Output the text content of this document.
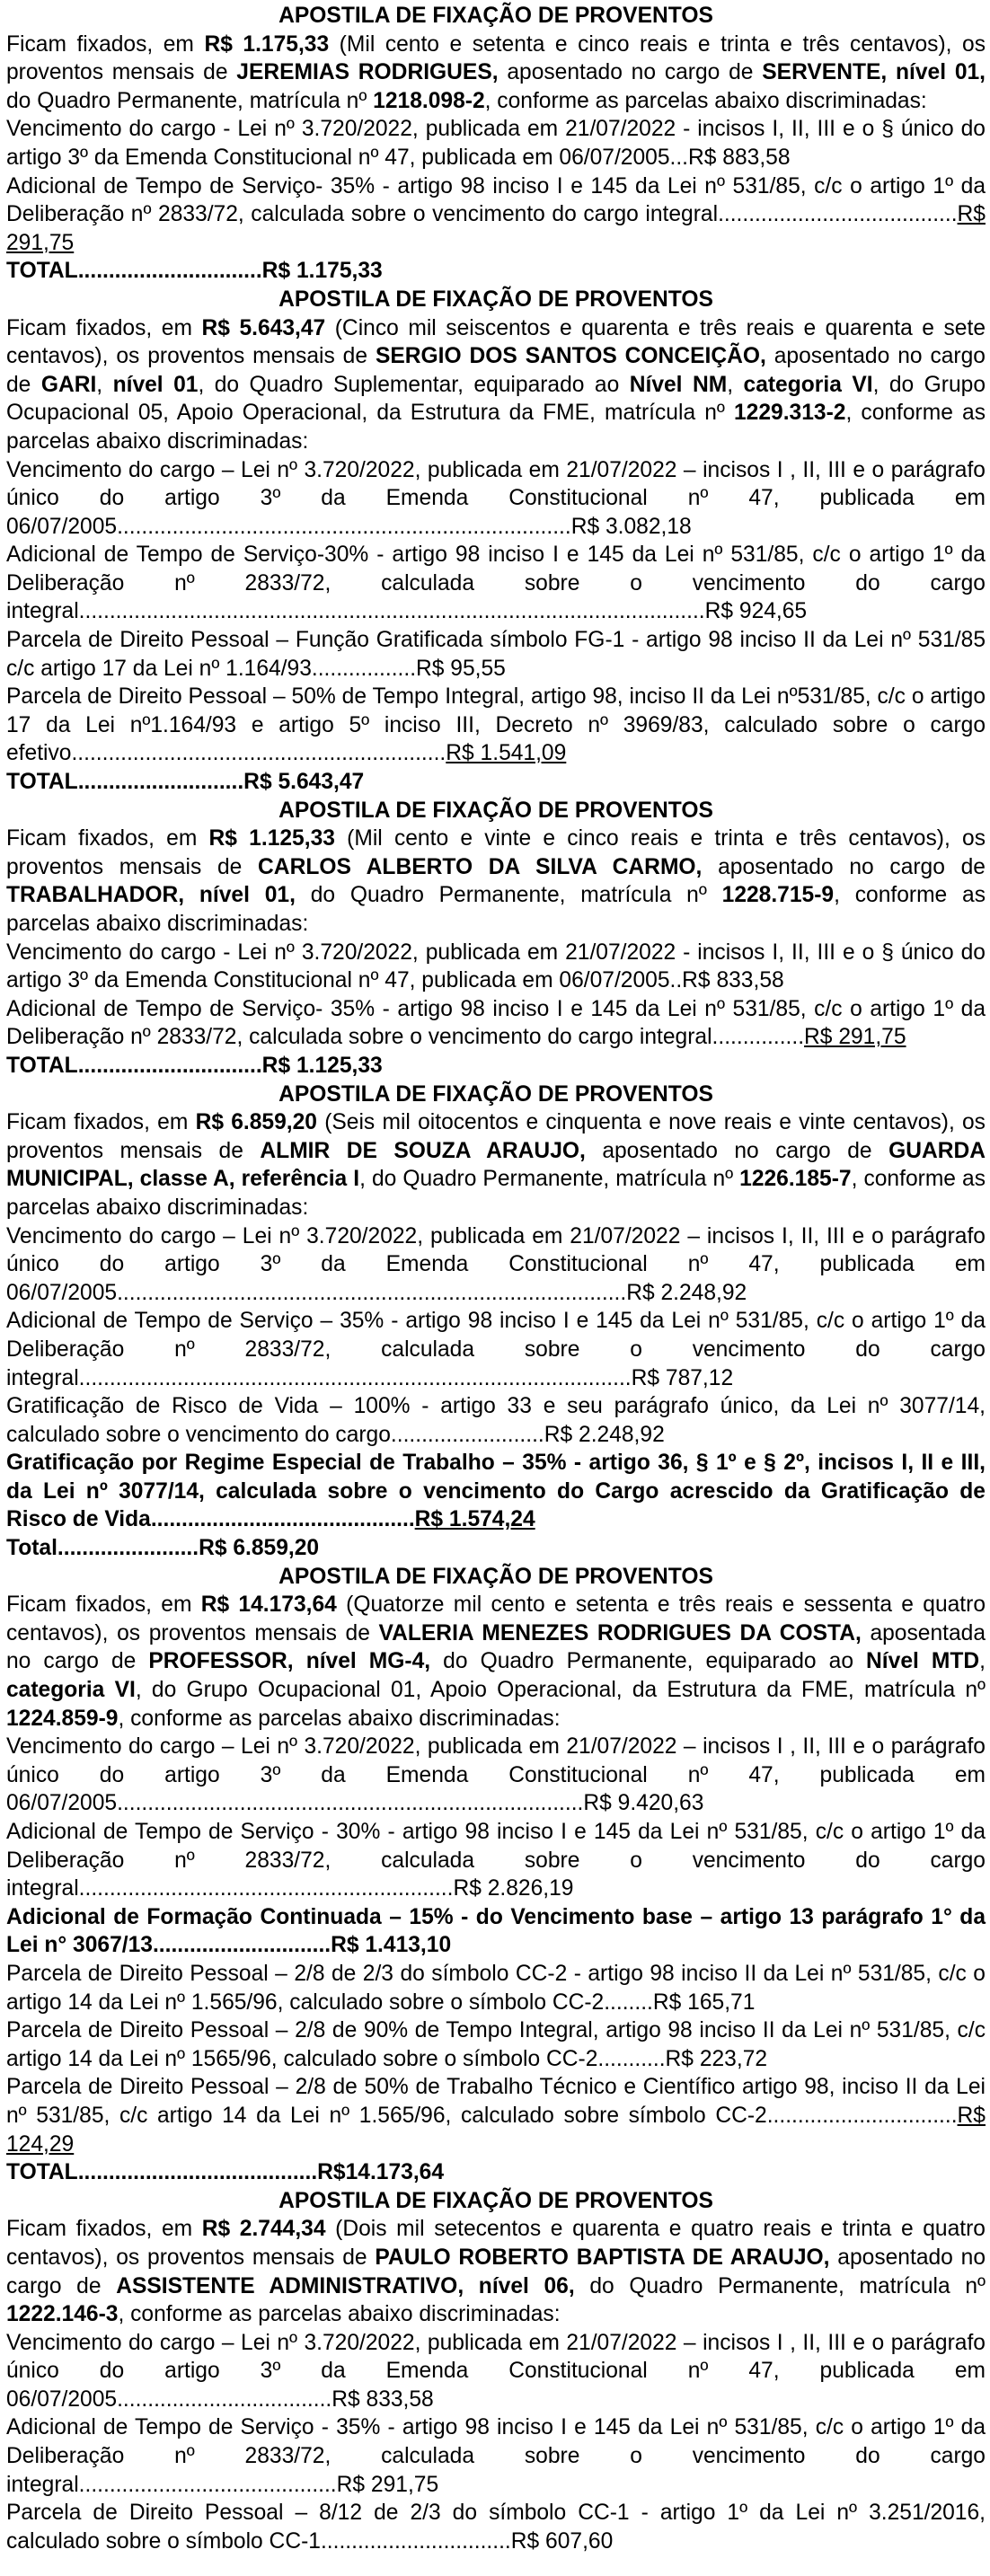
APOSTILA DE FIXAÇÃO DE PROVENTOS

Ficam fixados, em R$ 1.175,33 (Mil cento e setenta e cinco reais e trinta e três centavos), os proventos mensais de JEREMIAS RODRIGUES, aposentado no cargo de SERVENTE, nível 01, do Quadro Permanente, matrícula nº 1218.098-2, conforme as parcelas abaixo discriminadas:

Vencimento do cargo - Lei nº 3.720/2022, publicada em 21/07/2022 - incisos I, II, III e o § único do artigo 3º da Emenda Constitucional nº 47, publicada em 06/07/2005...R$ 883,58

Adicional de Tempo de Serviço- 35% - artigo 98 inciso I e 145 da Lei nº 531/85, c/c o artigo 1º da Deliberação nº 2833/72, calculada sobre o vencimento do cargo integral.......................................R$ 291,75

TOTAL..............................R$ 1.175,33

APOSTILA DE FIXAÇÃO DE PROVENTOS

Ficam fixados, em R$ 5.643,47 (Cinco mil seiscentos e quarenta e três reais e quarenta e sete centavos), os proventos mensais de SERGIO DOS SANTOS CONCEIÇÃO, aposentado no cargo de GARI, nível 01, do Quadro Suplementar, equiparado ao Nível NM, categoria VI, do Grupo Ocupacional 05, Apoio Operacional, da Estrutura da FME, matrícula nº 1229.313-2, conforme as parcelas abaixo discriminadas:

Vencimento do cargo – Lei nº 3.720/2022, publicada em 21/07/2022 – incisos I , II, III e o parágrafo único do artigo 3º da Emenda Constitucional nº 47, publicada em 06/07/2005..........................................................................R$ 3.082,18

Adicional de Tempo de Serviço-30% - artigo 98 inciso I e 145 da Lei nº 531/85, c/c o artigo 1º da Deliberação nº 2833/72, calculada sobre o vencimento do cargo integral......................................................................................................R$ 924,65

Parcela de Direito Pessoal – Função Gratificada símbolo FG-1 - artigo 98 inciso II da Lei nº 531/85 c/c artigo 17 da Lei nº 1.164/93.................R$ 95,55

Parcela de Direito Pessoal – 50% de Tempo Integral, artigo 98, inciso II da Lei nº531/85, c/c o artigo 17 da Lei nº1.164/93 e artigo 5º inciso III, Decreto nº 3969/83, calculado sobre o cargo efetivo.............................................................R$ 1.541,09

TOTAL...........................R$ 5.643,47

APOSTILA DE FIXAÇÃO DE PROVENTOS

Ficam fixados, em R$ 1.125,33 (Mil cento e vinte e cinco reais e trinta e três centavos), os proventos mensais de CARLOS ALBERTO DA SILVA CARMO, aposentado no cargo de TRABALHADOR, nível 01, do Quadro Permanente, matrícula nº 1228.715-9, conforme as parcelas abaixo discriminadas:

Vencimento do cargo - Lei nº 3.720/2022, publicada em 21/07/2022 - incisos I, II, III e o § único do artigo 3º da Emenda Constitucional nº 47, publicada em 06/07/2005..R$ 833,58

Adicional de Tempo de Serviço- 35% - artigo 98 inciso I e 145 da Lei nº 531/85, c/c o artigo 1º da Deliberação nº 2833/72, calculada sobre o vencimento do cargo integral...............R$ 291,75

TOTAL..............................R$ 1.125,33

APOSTILA DE FIXAÇÃO DE PROVENTOS

Ficam fixados, em R$ 6.859,20 (Seis mil oitocentos e cinquenta e nove reais e vinte centavos), os proventos mensais de ALMIR DE SOUZA ARAUJO, aposentado no cargo de GUARDA MUNICIPAL, classe A, referência I, do Quadro Permanente, matrícula nº 1226.185-7, conforme as parcelas abaixo discriminadas:

Vencimento do cargo – Lei nº 3.720/2022, publicada em 21/07/2022 – incisos I, II, III e o parágrafo único do artigo 3º da Emenda Constitucional nº 47, publicada em 06/07/2005...................................................................................R$ 2.248,92

Adicional de Tempo de Serviço – 35% - artigo 98 inciso I e 145 da Lei nº 531/85, c/c o artigo 1º da Deliberação nº 2833/72, calculada sobre o vencimento do cargo integral..........................................................................................R$ 787,12

Gratificação de Risco de Vida – 100% - artigo 33 e seu parágrafo único, da Lei nº 3077/14, calculado sobre o vencimento do cargo.........................R$ 2.248,92

Gratificação por Regime Especial de Trabalho – 35% - artigo 36, § 1º e § 2º, incisos I, II e III, da Lei nº 3077/14, calculada sobre o vencimento do Cargo acrescido da Gratificação de Risco de Vida...........................................R$ 1.574,24

Total.......................R$ 6.859,20

APOSTILA DE FIXAÇÃO DE PROVENTOS

Ficam fixados, em R$ 14.173,64 (Quatorze mil cento e setenta e três reais e sessenta e quatro centavos), os proventos mensais de VALERIA MENEZES RODRIGUES DA COSTA, aposentada no cargo de PROFESSOR, nível MG-4, do Quadro Permanente, equiparado ao Nível MTD, categoria VI, do Grupo Ocupacional 01, Apoio Operacional, da Estrutura da FME, matrícula nº 1224.859-9, conforme as parcelas abaixo discriminadas:

Vencimento do cargo – Lei nº 3.720/2022, publicada em 21/07/2022 – incisos I , II, III e o parágrafo único do artigo 3º da Emenda Constitucional nº 47, publicada em 06/07/2005............................................................................R$ 9.420,63

Adicional de Tempo de Serviço - 30% - artigo 98 inciso I e 145 da Lei nº 531/85, c/c o artigo 1º da Deliberação nº 2833/72, calculada sobre o vencimento do cargo integral.............................................................R$ 2.826,19

Adicional de Formação Continuada – 15% - do Vencimento base – artigo 13 parágrafo 1° da Lei n° 3067/13.............................R$ 1.413,10

Parcela de Direito Pessoal – 2/8 de 2/3 do símbolo CC-2 - artigo 98 inciso II da Lei nº 531/85, c/c o artigo 14 da Lei nº 1.565/96, calculado sobre o símbolo CC-2........R$ 165,71

Parcela de Direito Pessoal – 2/8 de 90% de Tempo Integral, artigo 98 inciso II da Lei nº 531/85, c/c artigo 14 da Lei nº 1565/96, calculado sobre o símbolo CC-2...........R$ 223,72

Parcela de Direito Pessoal – 2/8 de 50% de Trabalho Técnico e Científico artigo 98, inciso II da Lei nº 531/85, c/c artigo 14 da Lei nº 1.565/96, calculado sobre símbolo CC-2...............................R$ 124,29

TOTAL.......................................R$14.173,64

APOSTILA DE FIXAÇÃO DE PROVENTOS

Ficam fixados, em R$ 2.744,34 (Dois mil setecentos e quarenta e quatro reais e trinta e quatro centavos), os proventos mensais de PAULO ROBERTO BAPTISTA DE ARAUJO, aposentado no cargo de ASSISTENTE ADMINISTRATIVO, nível 06, do Quadro Permanente, matrícula nº 1222.146-3, conforme as parcelas abaixo discriminadas:

Vencimento do cargo – Lei nº 3.720/2022, publicada em 21/07/2022 – incisos I , II, III e o parágrafo único do artigo 3º da Emenda Constitucional nº 47, publicada em 06/07/2005...................................R$ 833,58

Adicional de Tempo de Serviço - 35% - artigo 98 inciso I e 145 da Lei nº 531/85, c/c o artigo 1º da Deliberação nº 2833/72, calculada sobre o vencimento do cargo integral..........................................R$ 291,75

Parcela de Direito Pessoal – 8/12 de 2/3 do símbolo CC-1 - artigo 1º da Lei nº 3.251/2016, calculado sobre o símbolo CC-1...............................R$ 607,60
